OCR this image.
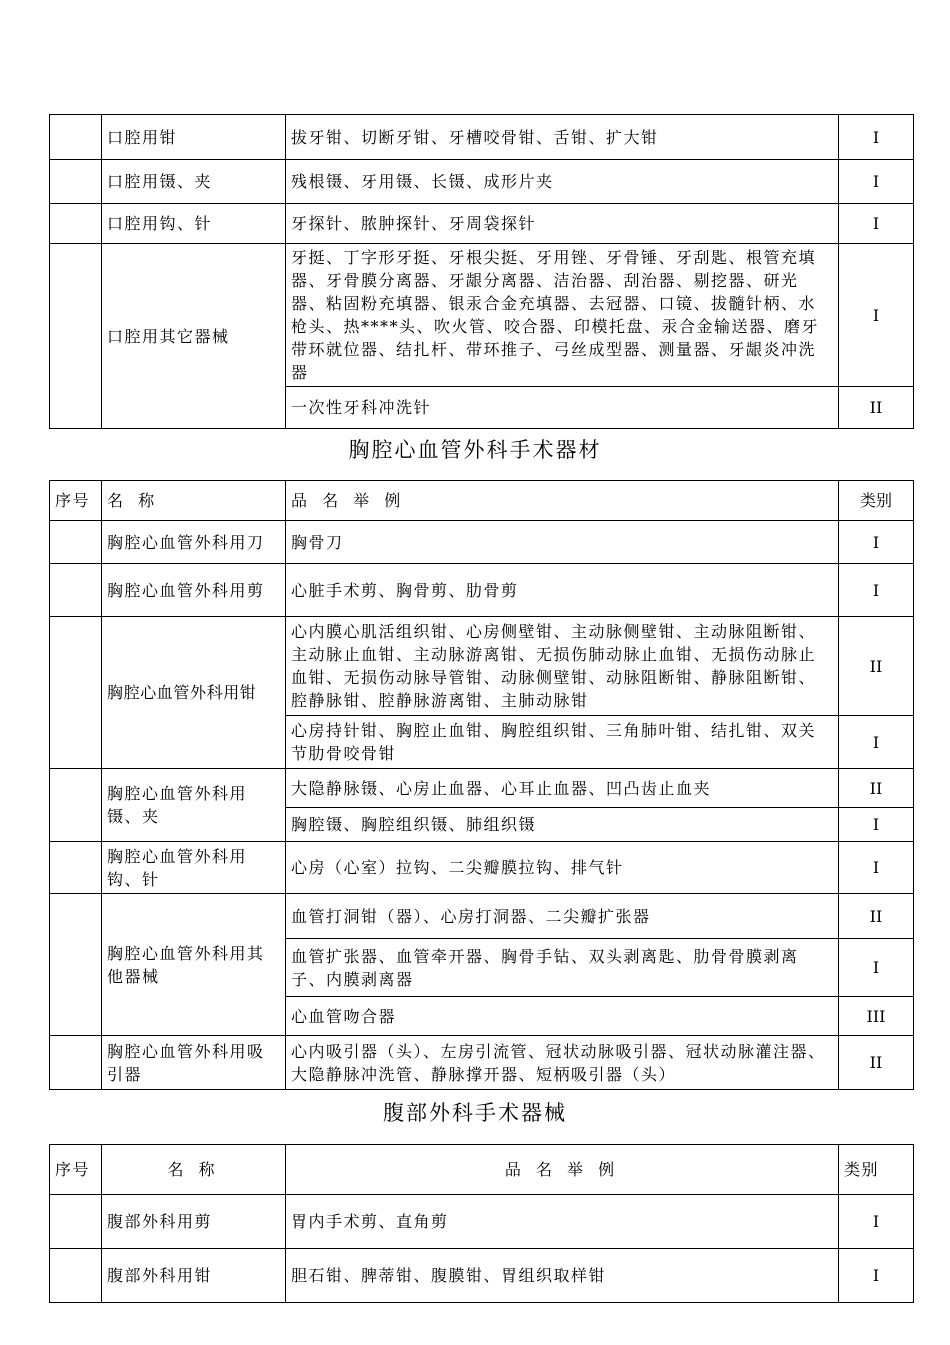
	口腔用钳	拔牙钳、切断牙钳、牙槽咬骨钳、舌钳、扩大钳	I
	口腔用镊、夹	残根镊、牙用镊、长镊、成形片夹	I
	口腔用钩、针	牙探针、脓肿探针、牙周袋探针	I
	口腔用其它器械	牙挺、丁字形牙挺、牙根尖挺、牙用锉、牙骨锤、牙刮匙、根管充填器、牙骨膜分离器、牙龈分离器、洁治器、刮治器、剔挖器、研光器、粘固粉充填器、银汞合金充填器、去冠器、口镜、拔髓针柄、水枪头、热****头、吹火管、咬合器、印模托盘、汞合金输送器、磨牙带环就位器、结扎杆、带环推子、弓丝成型器、测量器、牙龈炎冲洗器	I
		一次性牙科冲洗针	II
胸腔心血管外科手术器材
序号	名 称	品 名 举 例	类别
	胸腔心血管外科用刀	胸骨刀	I
	胸腔心血管外科用剪	心脏手术剪、胸骨剪、肋骨剪	I
	胸腔心血管外科用钳	心内膜心肌活组织钳、心房侧壁钳、主动脉侧壁钳、主动脉阻断钳、主动脉止血钳、主动脉游离钳、无损伤肺动脉止血钳、无损伤动脉止血钳、无损伤动脉导管钳、动脉侧壁钳、动脉阻断钳、静脉阻断钳、腔静脉钳、腔静脉游离钳、主肺动脉钳	II
		心房持针钳、胸腔止血钳、胸腔组织钳、三角肺叶钳、结扎钳、双关节肋骨咬骨钳	I
	胸腔心血管外科用镊、夹	大隐静脉镊、心房止血器、心耳止血器、凹凸齿止血夹	II
		胸腔镊、胸腔组织镊、肺组织镊	I
	胸腔心血管外科用钩、针	心房（心室）拉钩、二尖瓣膜拉钩、排气针	I
	胸腔心血管外科用其他器械	血管打洞钳（器）、心房打洞器、二尖瓣扩张器	II
		血管扩张器、血管牵开器、胸骨手钻、双头剥离匙、肋骨骨膜剥离子、内膜剥离器	I
		心血管吻合器	III
	胸腔心血管外科用吸引器	心内吸引器（头）、左房引流管、冠状动脉吸引器、冠状动脉灌注器、大隐静脉冲洗管、静脉撑开器、短柄吸引器（头）	II
腹部外科手术器械
序号	名 称	品 名 举 例	类别
	腹部外科用剪	胃内手术剪、直角剪	I
	腹部外科用钳	胆石钳、脾蒂钳、腹膜钳、胃组织取样钳	I
